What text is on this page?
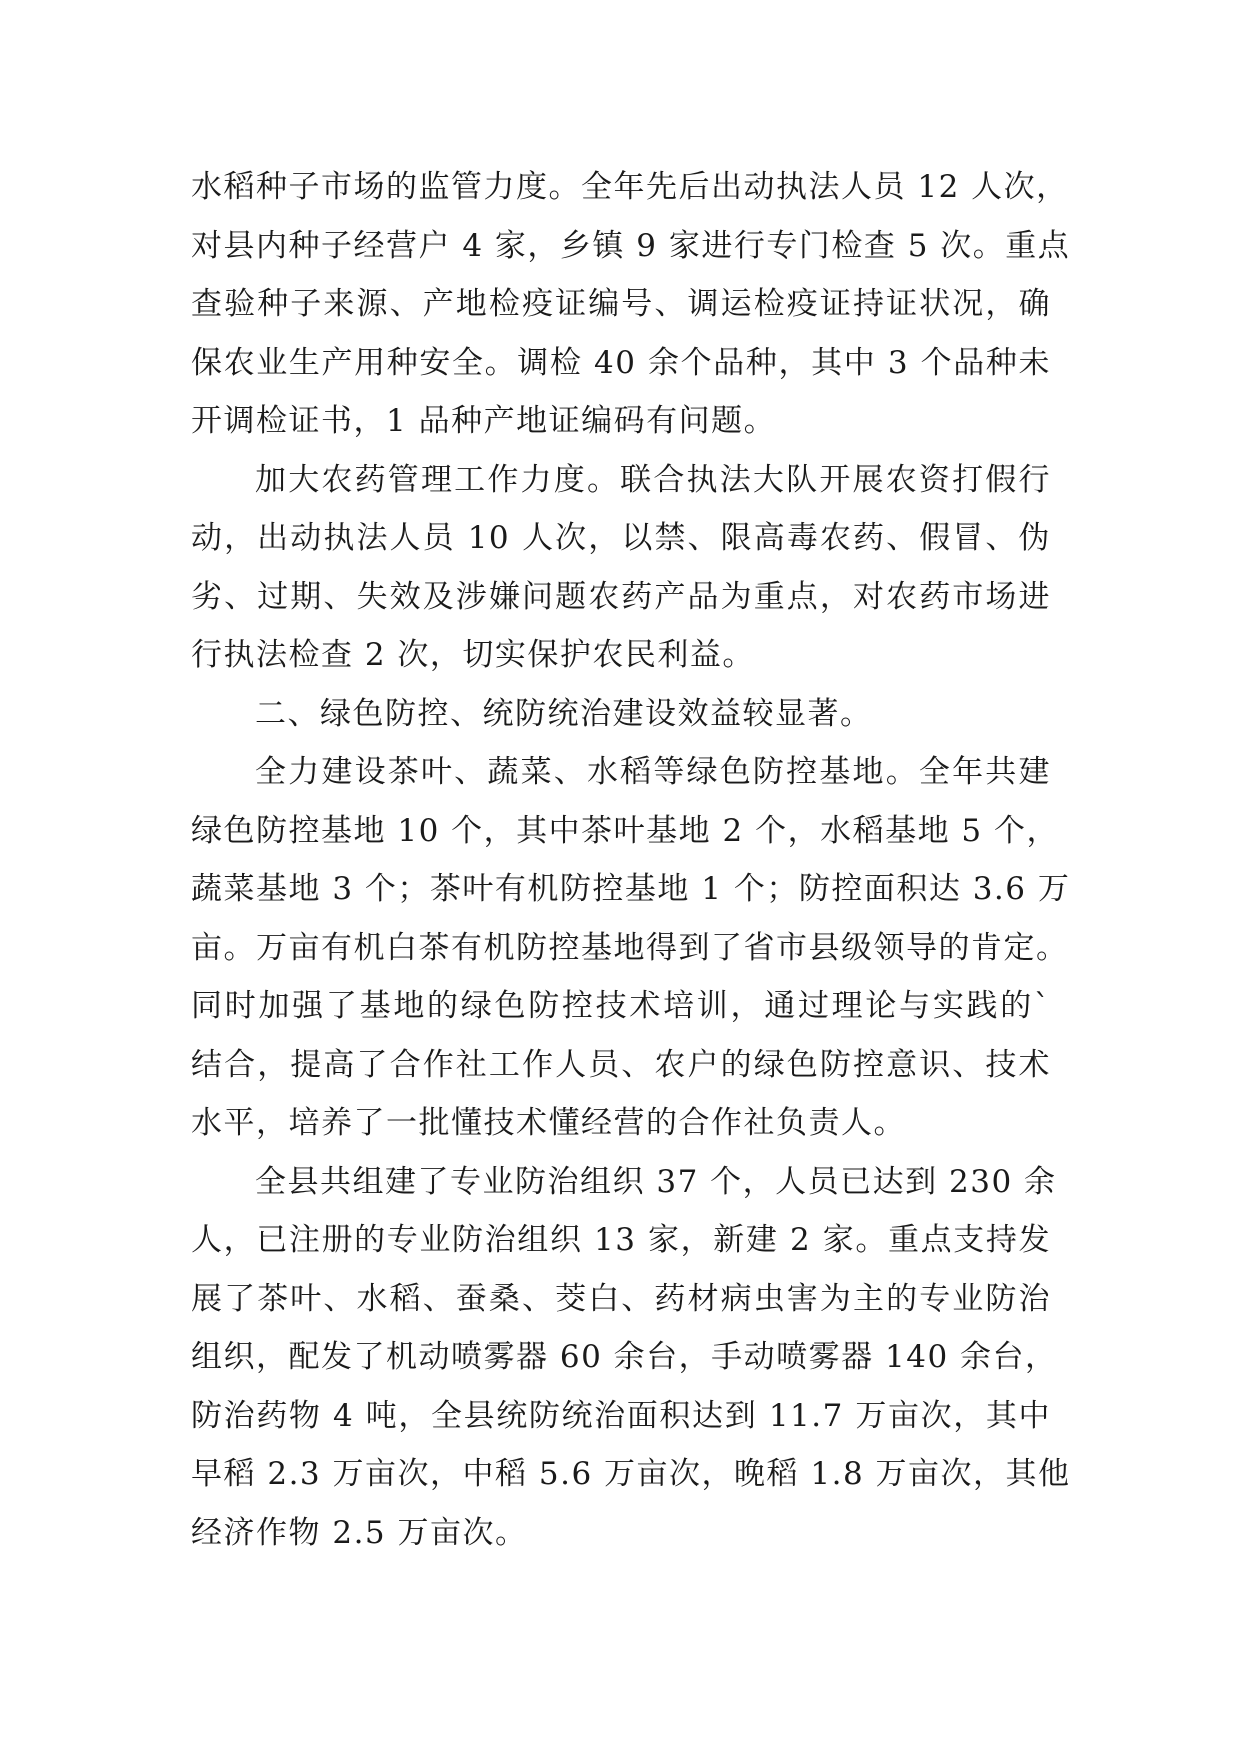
水稻种子市场的监管力度。全年先后出动执法人员 12 人次，
对县内种子经营户 4 家，乡镇 9 家进行专门检查 5 次。重点
查验种子来源、产地检疫证编号、调运检疫证持证状况，确
保农业生产用种安全。调检 40 余个品种，其中 3 个品种未
开调检证书，1 品种产地证编码有问题。
加大农药管理工作力度。联合执法大队开展农资打假行
动，出动执法人员 10 人次，以禁、限高毒农药、假冒、伪
劣、过期、失效及涉嫌问题农药产品为重点，对农药市场进
行执法检查 2 次，切实保护农民利益。
二、绿色防控、统防统治建设效益较显著。
全力建设茶叶、蔬菜、水稻等绿色防控基地。全年共建
绿色防控基地 10 个，其中茶叶基地 2 个，水稻基地 5 个，
蔬菜基地 3 个；茶叶有机防控基地 1 个；防控面积达 3.6 万
亩。万亩有机白茶有机防控基地得到了省市县级领导的肯定。
同时加强了基地的绿色防控技术培训，通过理论与实践的`
结合，提高了合作社工作人员、农户的绿色防控意识、技术
水平，培养了一批懂技术懂经营的合作社负责人。
全县共组建了专业防治组织 37 个，人员已达到 230 余
人，已注册的专业防治组织 13 家，新建 2 家。重点支持发
展了茶叶、水稻、蚕桑、茭白、药材病虫害为主的专业防治
组织，配发了机动喷雾器 60 余台，手动喷雾器 140 余台，
防治药物 4 吨，全县统防统治面积达到 11.7 万亩次，其中
早稻 2.3 万亩次，中稻 5.6 万亩次，晚稻 1.8 万亩次，其他
经济作物 2.5 万亩次。
